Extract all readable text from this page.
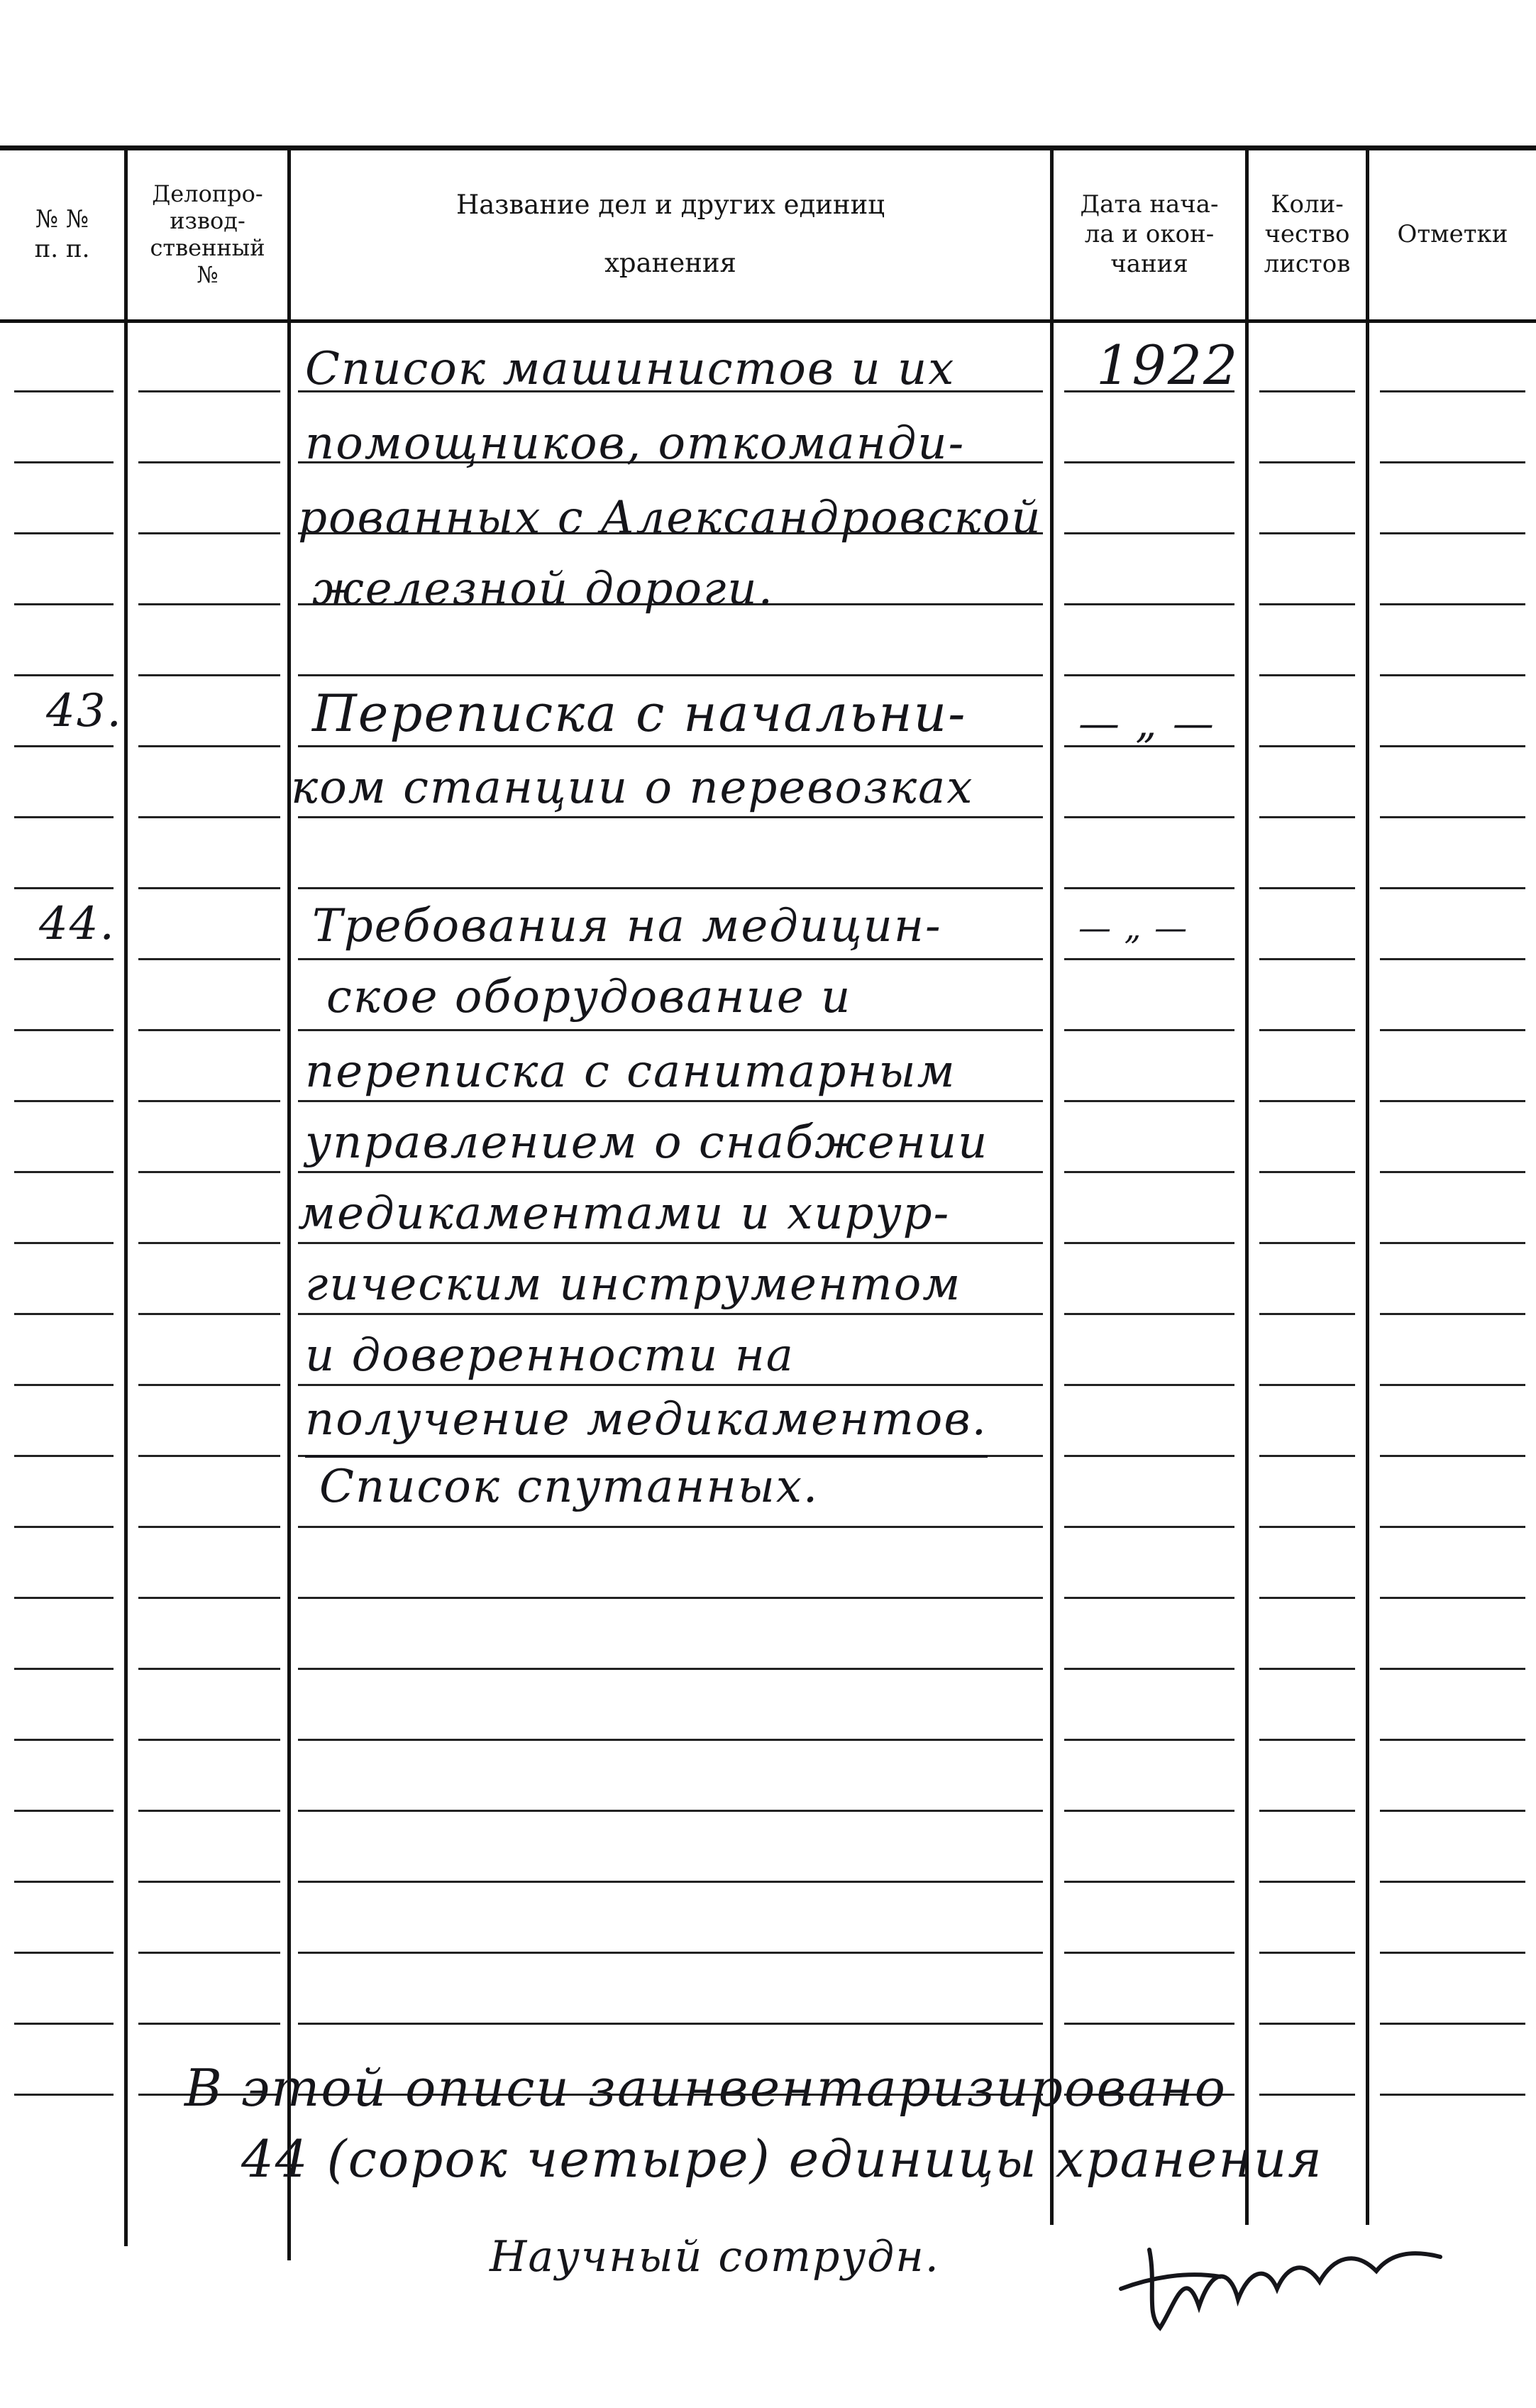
№ №
п. п.
Делопро-
извод-
ственный
№
Название дел и других единиц
хранения
Дата нача-
ла и окон-
чания
Коли-
чество
листов
Отметки
1922
Список машинистов и их
помощников, откоманди-
рованных с Александровской
железной дороги.
43.	Переписка с начальни-
ком станции о перевозках
— „ —
44.	— „ —
Требования на медицин-
ское оборудование и
переписка с санитарным
управлением о снабжении
медикаментами и хирур-
гическим инструментом
и доверенности на
получение медикаментов.
Список спутанных.
В этой описи заинвентаризировано
44 (сорок четыре) единицы хранения
Научный сотрудн.
